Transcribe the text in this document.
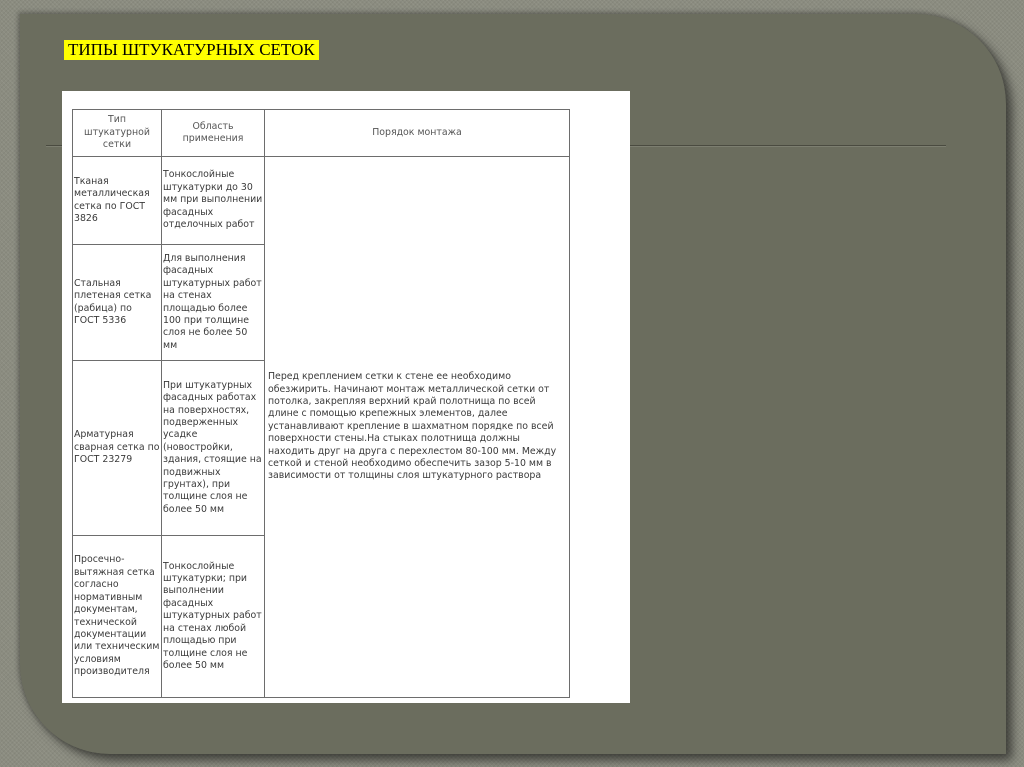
ТИПЫ ШТУКАТУРНЫХ СЕТОК
Тип штукатурной сетки	Область применения	Порядок монтажа
Тканая металлическая сетка по ГОСТ 3826	Тонкослойные штукатурки до 30 мм при выполнении фасадных отделочных работ	Перед креплением сетки к стене ее необходимо обезжирить. Начинают монтаж металлической сетки от потолка, закрепляя верхний край полотнища по всей длине с помощью крепежных элементов, далее устанавливают крепление в шахматном порядке по всей поверхности стены.На стыках полотнища должны находить друг на друга с перехлестом 80-100 мм. Между сеткой и стеной необходимо обеспечить зазор 5-10 мм в зависимости от толщины слоя штукатурного раствора
Стальная плетеная сетка (рабица) по ГОСТ 5336	Для выполнения фасадных штукатурных работ на стенах площадью более 100 при толщине слоя не более 50 мм	
Арматурная сварная сетка по ГОСТ 23279	При штукатурных фасадных работах на поверхностях, подверженных усадке (новостройки, здания, стоящие на подвижных грунтах), при толщине слоя не более 50 мм	
Просечно-вытяжная сетка согласно нормативным документам, технической документации или техническим условиям производителя	Тонкослойные штукатурки; при выполнении фасадных штукатурных работ на стенах любой площадью при толщине слоя не более 50 мм	
